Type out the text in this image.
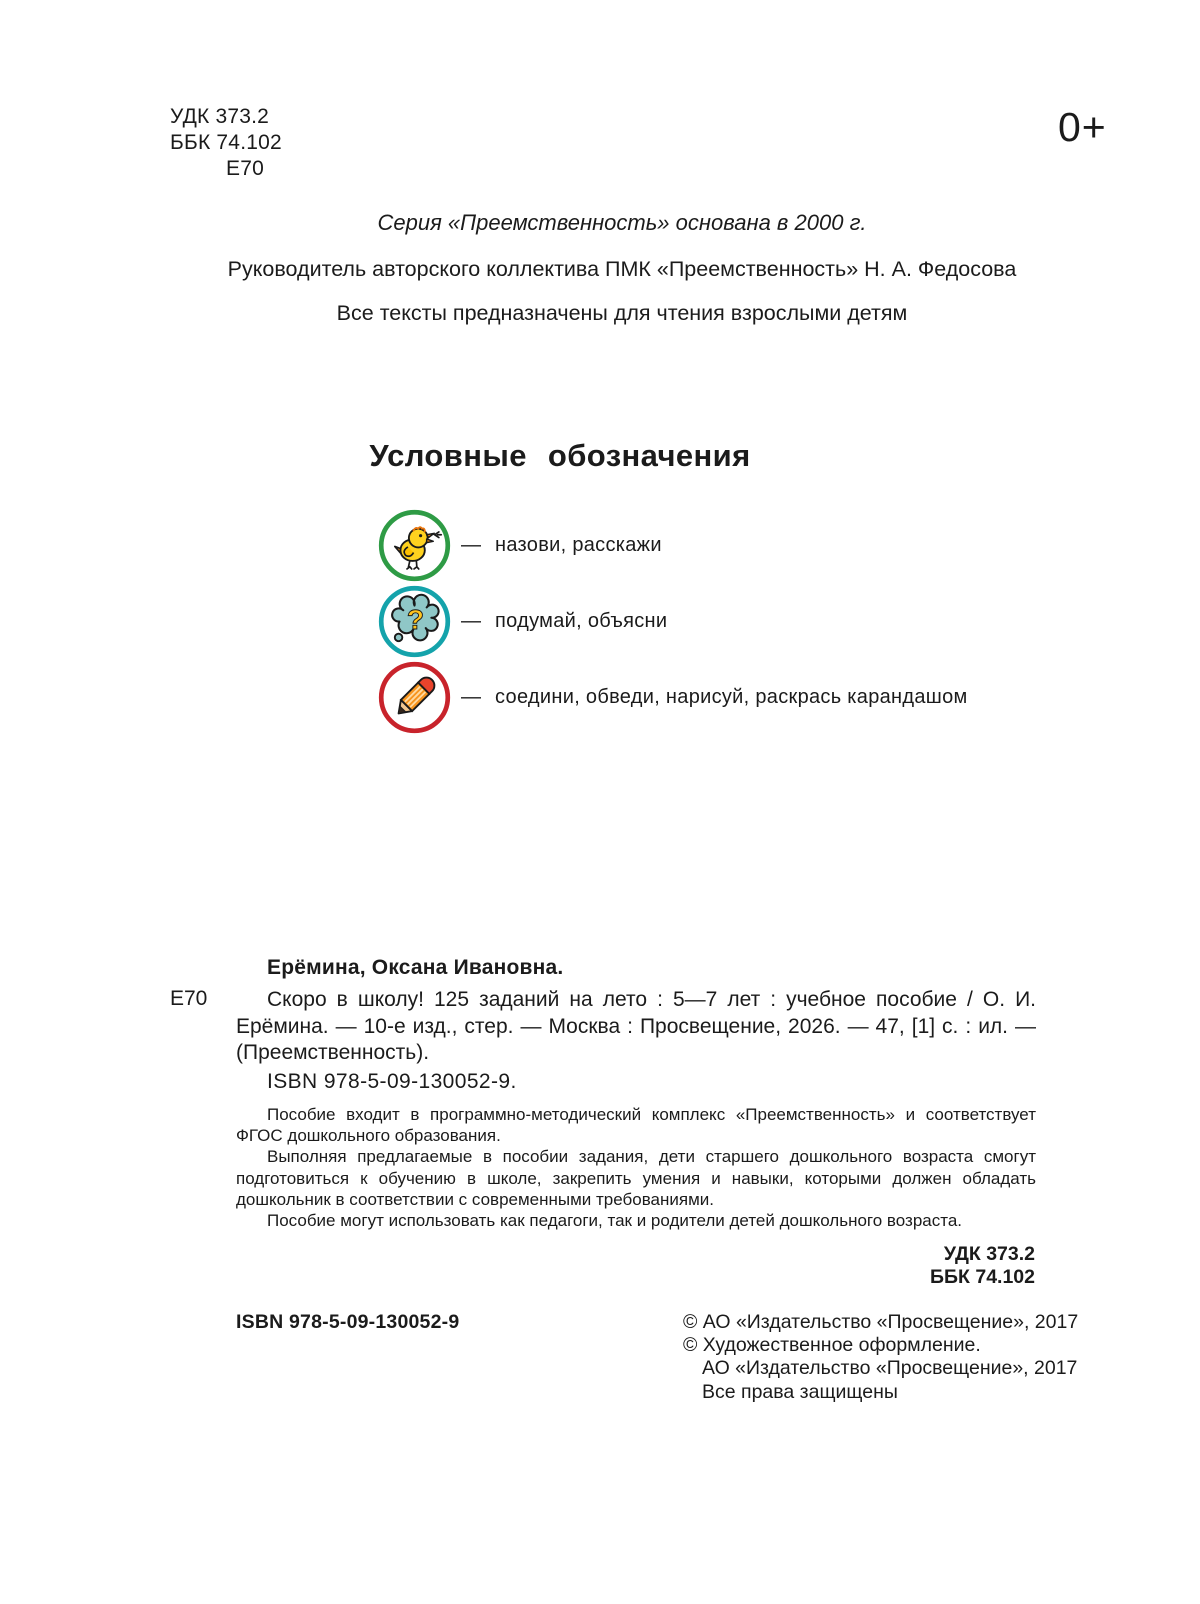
УДК 373.2
ББК 74.102
Е70
0+
Серия «Преемственность» основана в 2000 г.
Руководитель авторского коллектива ПМК «Преемственность» Н. А. Федосова
Все тексты предназначены для чтения взрослыми детям
Условные обозначения
— назови, расскажи
? — подумай, объясни
— соедини, обведи, нарисуй, раскрась карандашом
Ерёмина, Оксана Ивановна.
Е70	Скоро в школу! 125 заданий на лето : 5—7 лет : учебное пособие / О. И. Ерёмина. — 10-е изд., стер. — Москва : Просвещение, 2026. — 47, [1] с. : ил. — (Преемственность).

ISBN 978-5-09-130052-9.

Пособие входит в программно-методический комплекс «Преемственность» и соответствует ФГОС дошкольного образования.

Выполняя предлагаемые в пособии задания, дети старшего дошкольного возраста смогут подготовиться к обучению в школе, закрепить умения и навыки, которыми должен обладать дошкольник в соответствии с современными требованиями.

Пособие могут использовать как педагоги, так и родители детей дошкольного возраста.

УДК 373.2
ББК 74.102
ISBN 978-5-09-130052-9	© АО «Издательство «Просвещение», 2017
© Художественное оформление.
АО «Издательство «Просвещение», 2017
Все права защищены
